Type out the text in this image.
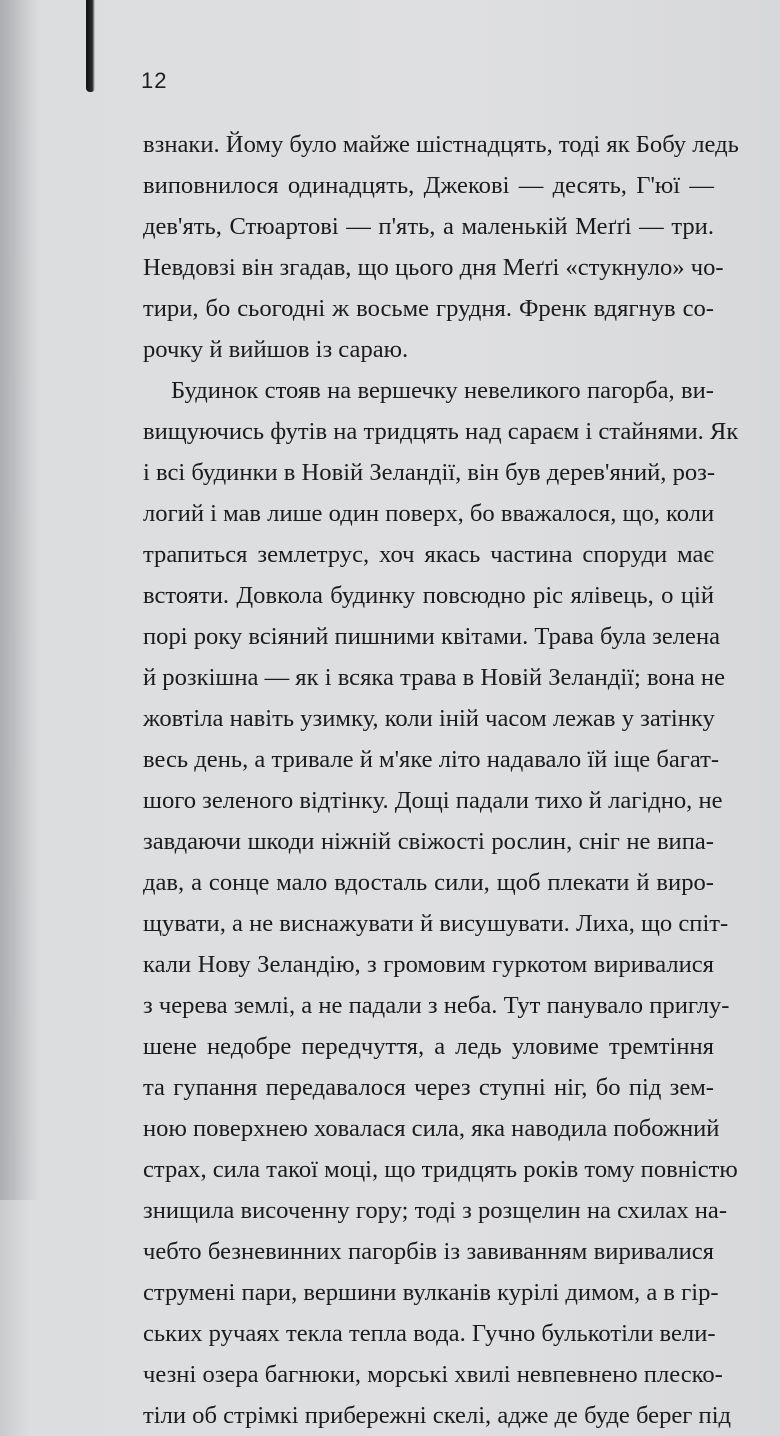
12
взнаки. Йому було майже шістнадцять, тоді як Бобу ледь
виповнилося одинадцять, Джекові — десять, Г'юї —
дев'ять, Стюартові — п'ять, а маленькій Меґґі — три.
Невдовзі він згадав, що цього дня Меґґі «стукнуло» чо-
тири, бо сьогодні ж восьме грудня. Френк вдягнув со-
рочку й вийшов із сараю.
Будинок стояв на вершечку невеликого пагорба, ви-
вищуючись футів на тридцять над сараєм і стайнями. Як
і всі будинки в Новій Зеландії, він був дерев'яний, роз-
логий і мав лише один поверх, бо вважалося, що, коли
трапиться землетрус, хоч якась частина споруди має
встояти. Довкола будинку повсюдно ріс ялівець, о цій
порі року всіяний пишними квітами. Трава була зелена
й розкішна — як і всяка трава в Новій Зеландії; вона не
жовтіла навіть узимку, коли іній часом лежав у затінку
весь день, а тривале й м'яке літо надавало їй іще багат-
шого зеленого відтінку. Дощі падали тихо й лагідно, не
завдаючи шкоди ніжній свіжості рослин, сніг не випа-
дав, а сонце мало вдосталь сили, щоб плекати й виро-
щувати, а не виснажувати й висушувати. Лиха, що спіт-
кали Нову Зеландію, з громовим гуркотом виривалися
з черева землі, а не падали з неба. Тут панувало приглу-
шене недобре передчуття, а ледь уловиме тремтіння
та гупання передавалося через ступні ніг, бо під зем-
ною поверхнею ховалася сила, яка наводила побожний
страх, сила такої моці, що тридцять років тому повністю
знищила височенну гору; тоді з розщелин на схилах на-
чебто безневинних пагорбів із завиванням виривалися
струмені пари, вершини вулканів курілі димом, а в гір-
ських ручаях текла тепла вода. Гучно булькотіли вели-
чезні озера багнюки, морські хвилі невпевнено плеско-
тіли об стрімкі прибережні скелі, адже де буде берег під
